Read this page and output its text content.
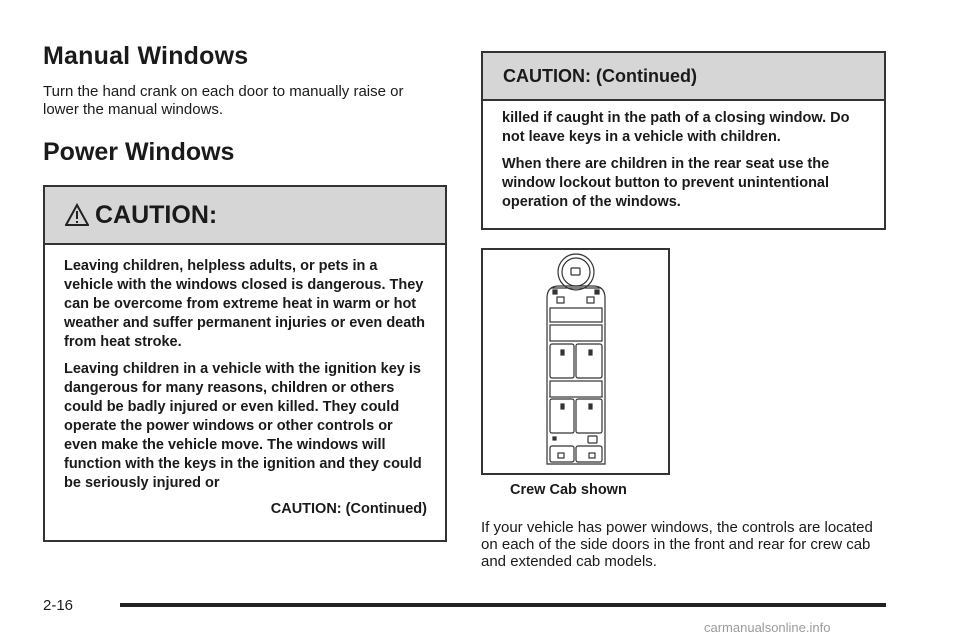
Manual Windows

Turn the hand crank on each door to manually raise or lower the manual windows.

Power Windows
CAUTION:

Leaving children, helpless adults, or pets in a vehicle with the windows closed is dangerous. They can be overcome from extreme heat in warm or hot weather and suffer permanent injuries or even death from heat stroke.

Leaving children in a vehicle with the ignition key is dangerous for many reasons, children or others could be badly injured or even killed. They could operate the power windows or other controls or even make the vehicle move. The windows will function with the keys in the ignition and they could be seriously injured or

CAUTION: (Continued)
CAUTION: (Continued)

killed if caught in the path of a closing window. Do not leave keys in a vehicle with children.

When there are children in the rear seat use the window lockout button to prevent unintentional operation of the windows.

Crew Cab shown

If your vehicle has power windows, the controls are located on each of the side doors in the front and rear for crew cab and extended cab models.

2-16
carmanualsonline.info
